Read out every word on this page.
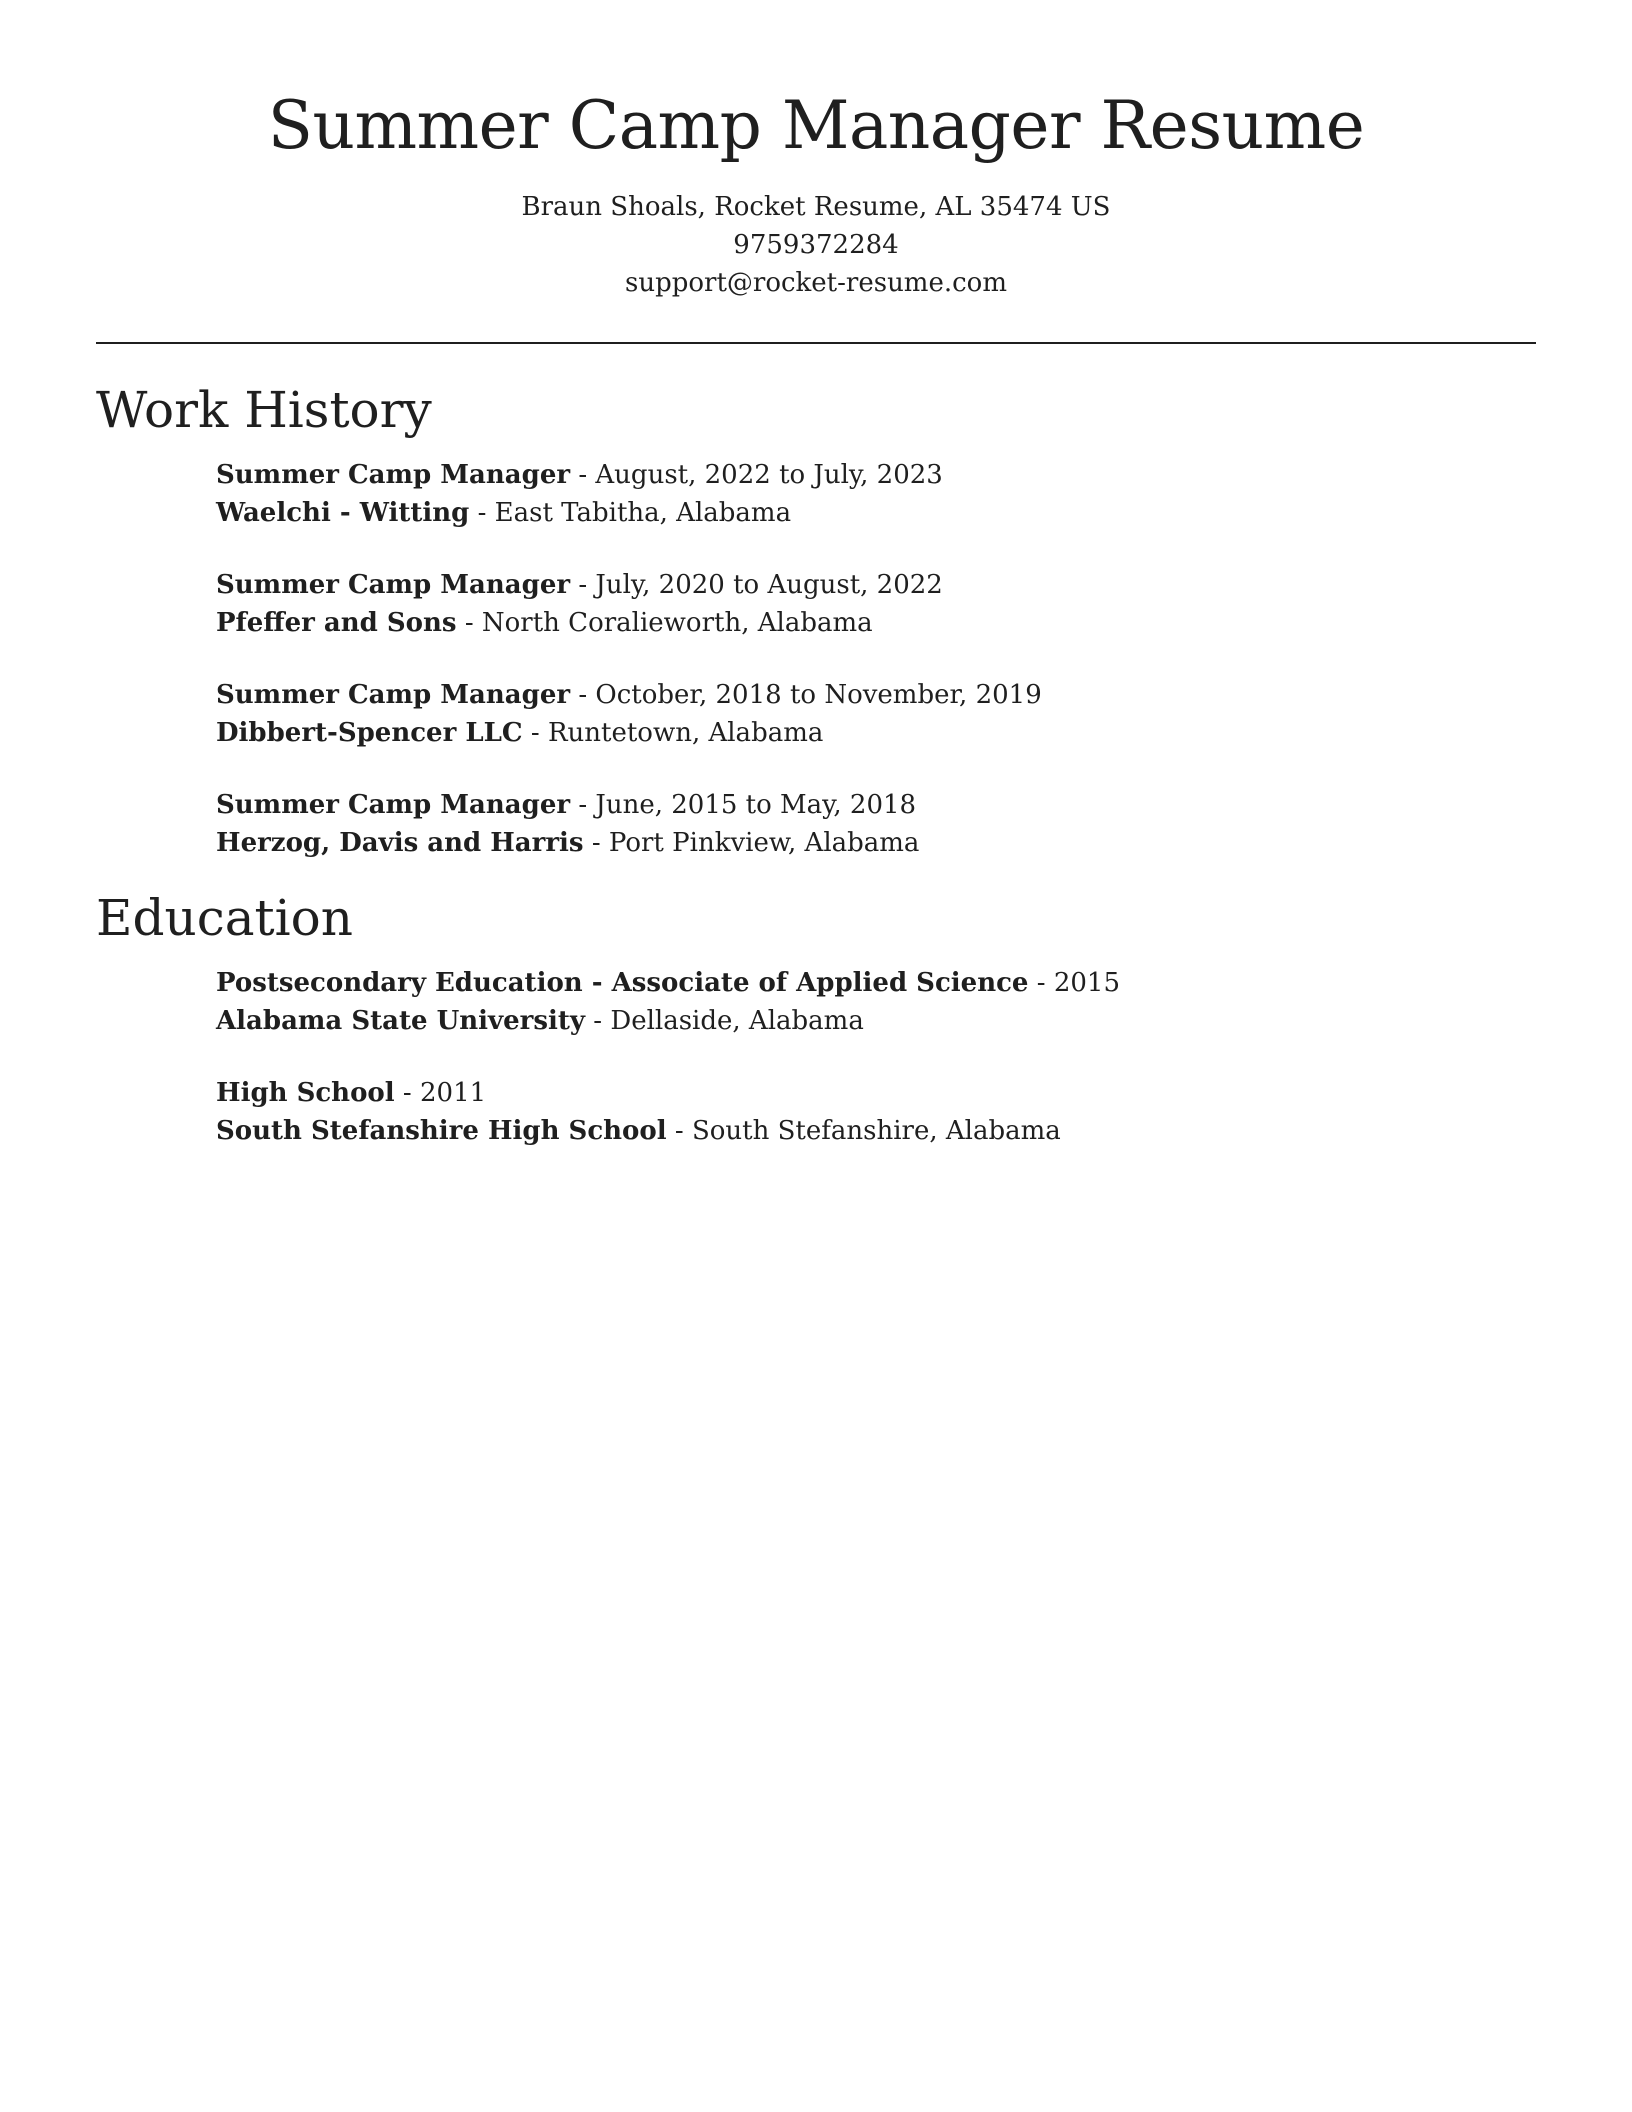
Summer Camp Manager Resume
Braun Shoals, Rocket Resume, AL 35474 US
9759372284
support@rocket-resume.com
Work History
Summer Camp Manager - August, 2022 to July, 2023
Waelchi - Witting - East Tabitha, Alabama
Summer Camp Manager - July, 2020 to August, 2022
Pfeffer and Sons - North Coralieworth, Alabama
Summer Camp Manager - October, 2018 to November, 2019
Dibbert-Spencer LLC - Runtetown, Alabama
Summer Camp Manager - June, 2015 to May, 2018
Herzog, Davis and Harris - Port Pinkview, Alabama
Education
Postsecondary Education - Associate of Applied Science - 2015
Alabama State University - Dellaside, Alabama
High School - 2011
South Stefanshire High School - South Stefanshire, Alabama
